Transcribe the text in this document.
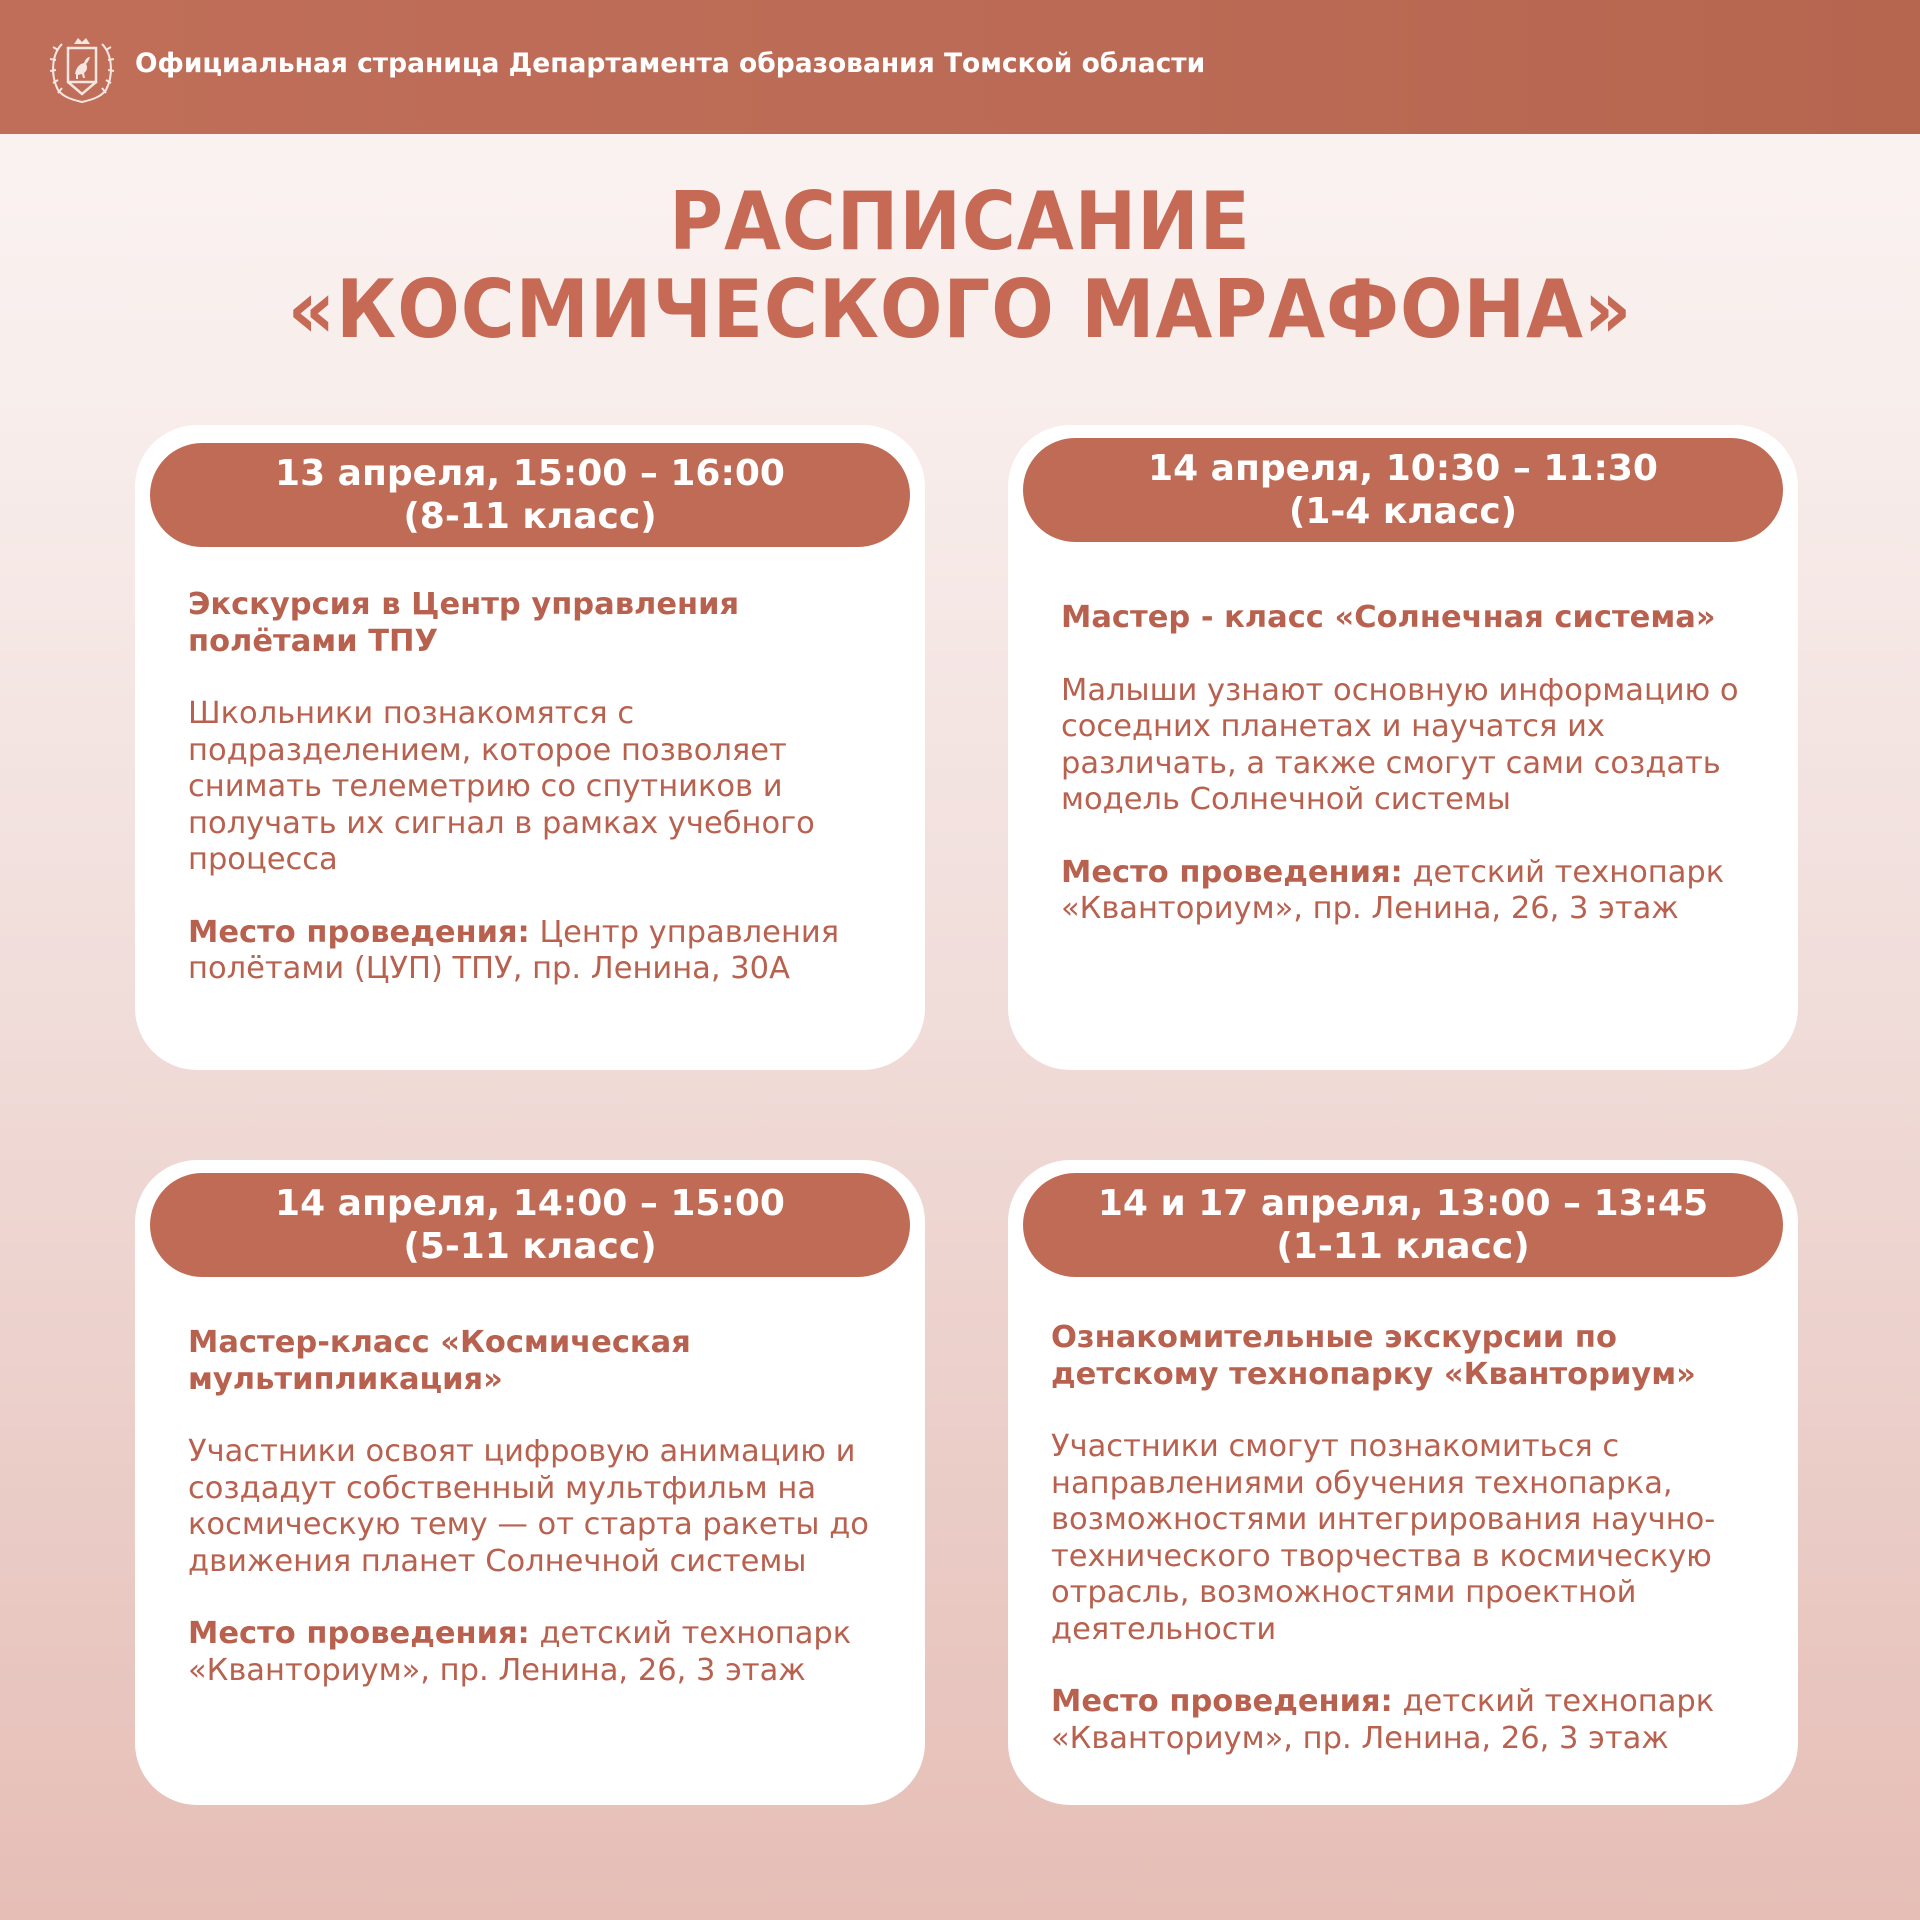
Официальная страница Департамента образования Томской области
РАСПИСАНИЕ
«КОСМИЧЕСКОГО МАРАФОНА»
13 апреля, 15:00 – 16:00
(8-11 класс)
Экскурсия в Центр управления полётами ТПУ
Школьники познакомятся с подразделением, которое позволяет снимать телеметрию со спутников и получать их сигнал в рамках учебного процесса
Место проведения: Центр управления полётами (ЦУП) ТПУ, пр. Ленина, 30А
14 апреля, 10:30 – 11:30
(1-4 класс)
Мастер - класс «Солнечная система»
Малыши узнают основную информацию о соседних планетах и научатся их различать, а также смогут сами создать модель Солнечной системы
Место проведения: детский технопарк «Кванториум», пр. Ленина, 26, 3 этаж
14 апреля, 14:00 – 15:00
(5-11 класс)
Мастер-класс «Космическая мультипликация»
Участники освоят цифровую анимацию и создадут собственный мультфильм на космическую тему — от старта ракеты до движения планет Солнечной системы
Место проведения: детский технопарк «Кванториум», пр. Ленина, 26, 3 этаж
14 и 17 апреля, 13:00 – 13:45
(1-11 класс)
Ознакомительные экскурсии по детскому технопарку «Кванториум»
Участники смогут познакомиться с направлениями обучения технопарка, возможностями интегрирования научно-технического творчества в космическую отрасль, возможностями проектной деятельности
Место проведения: детский технопарк «Кванториум», пр. Ленина, 26, 3 этаж
